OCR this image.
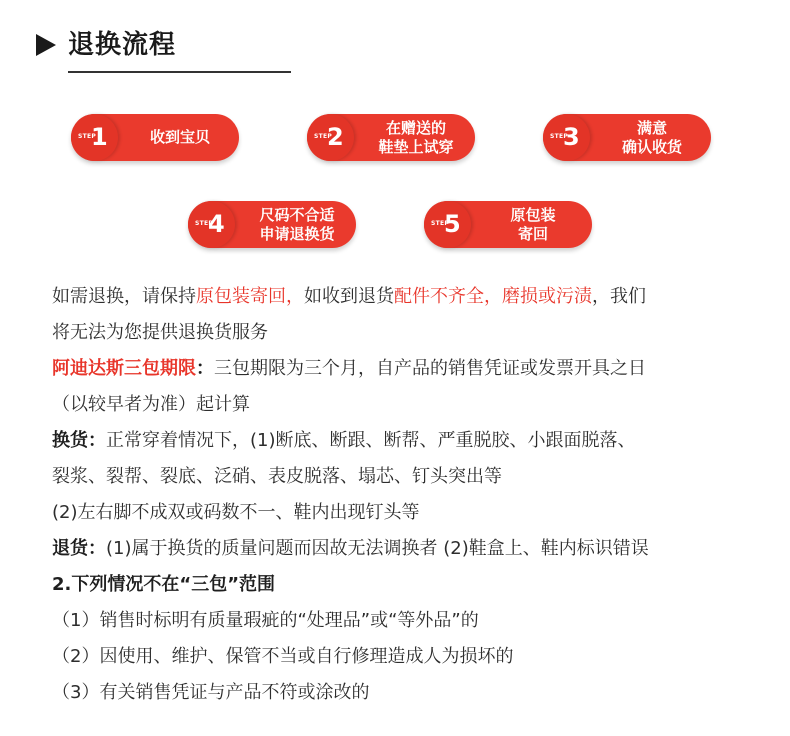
退换流程
STEP
1	收到宝贝	STEP
2	在赠送的
鞋垫上试穿
STEP
3	满意
确认收货
STEP
4 尺码不合适
申请退换货
STEP
5	原包装
寄回
如需退换，请保持原包装寄回，如收到退货配件不齐全，磨损或污渍，我们
将无法为您提供退换货服务
阿迪达斯三包期限：三包期限为三个月，自产品的销售凭证或发票开具之日
（以较早者为准）起计算
换货：正常穿着情况下，(1)断底、断跟、断帮、严重脱胶、小跟面脱落、
裂浆、裂帮、裂底、泛硝、表皮脱落、塌芯、钉头突出等
(2)左右脚不成双或码数不一、鞋内出现钉头等
退货：(1)属于换货的质量问题而因故无法调换者 (2)鞋盒上、鞋内标识错误
2.下列情况不在“三包”范围
（1）销售时标明有质量瑕疵的“处理品”或“等外品”的
（2）因使用、维护、保管不当或自行修理造成人为损坏的
（3）有关销售凭证与产品不符或涂改的
